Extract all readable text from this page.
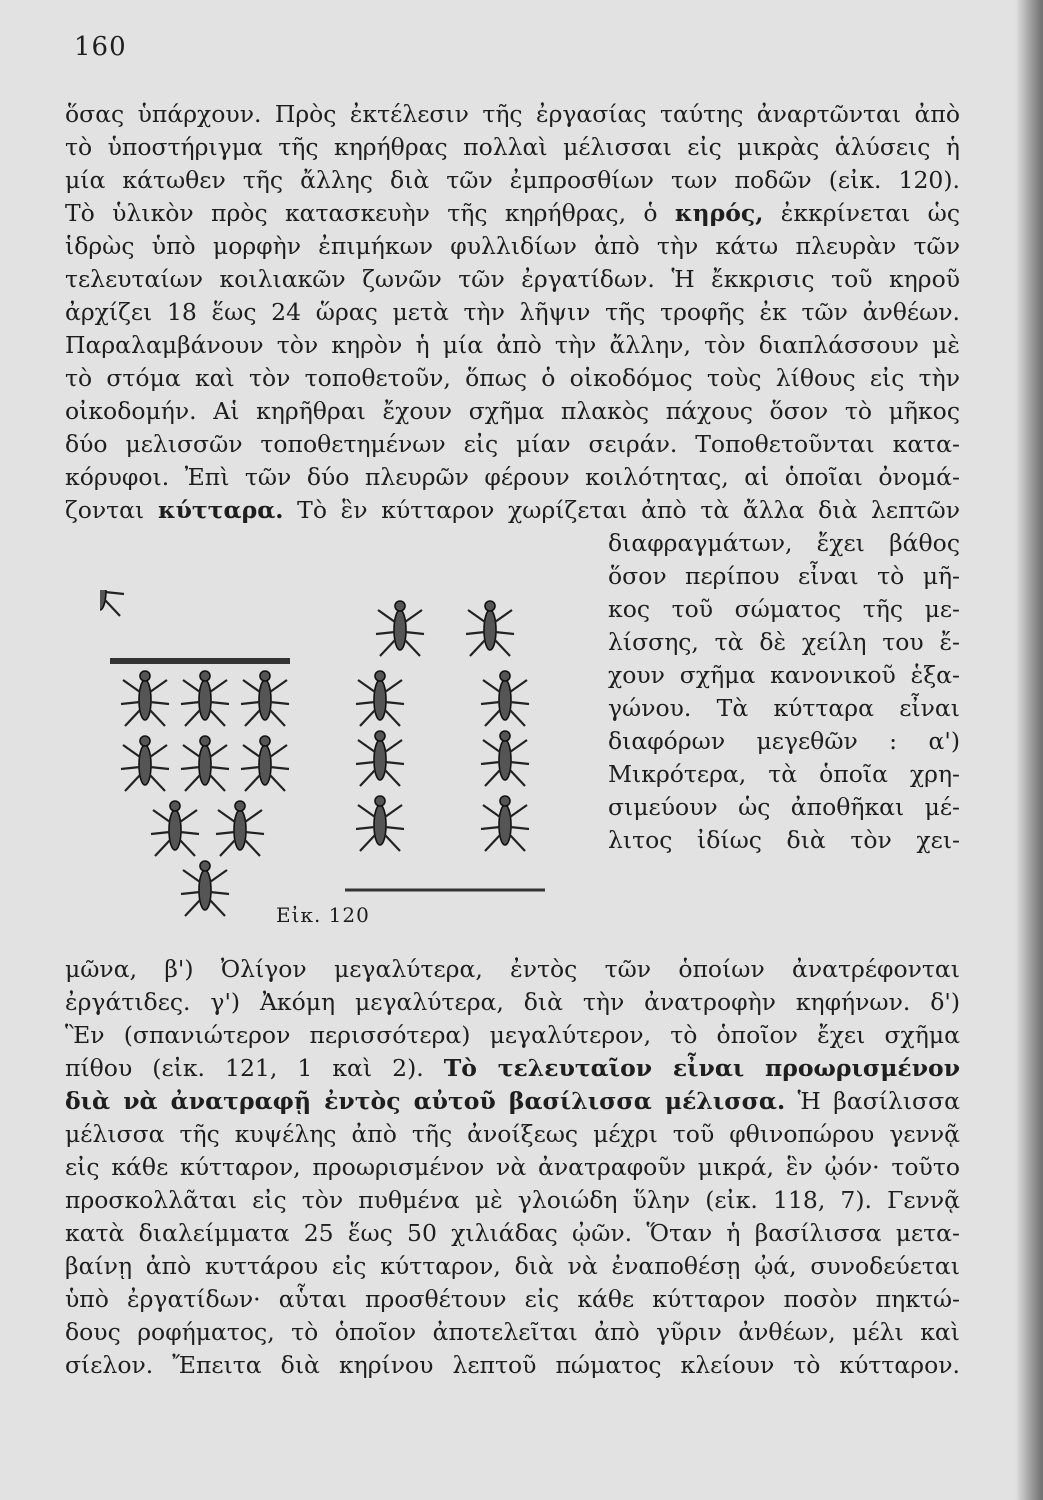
160
ὅσας ὑπάρχουν. Πρὸς ἐκτέλεσιν τῆς ἐργασίας ταύτης ἀναρτῶνται ἀπὸ
τὸ ὑποστήριγμα τῆς κηρήθρας πολλαὶ μέλισσαι εἰς μικρὰς ἁλύσεις ἡ
μία κάτωθεν τῆς ἄλλης διὰ τῶν ἐμπροσθίων των ποδῶν (εἰκ. 120).
Τὸ ὑλικὸν πρὸς κατασκευὴν τῆς κηρήθρας, ὁ κηρός, ἐκκρίνεται ὡς
ἱδρὼς ὑπὸ μορφὴν ἐπιμήκων φυλλιδίων ἀπὸ τὴν κάτω πλευρὰν τῶν
τελευταίων κοιλιακῶν ζωνῶν τῶν ἐργατίδων. Ἡ ἔκκρισις τοῦ κηροῦ
ἀρχίζει 18 ἕως 24 ὥρας μετὰ τὴν λῆψιν τῆς τροφῆς ἐκ τῶν ἀνθέων.
Παραλαμβάνουν τὸν κηρὸν ἡ μία ἀπὸ τὴν ἄλλην, τὸν διαπλάσσουν μὲ
τὸ στόμα καὶ τὸν τοποθετοῦν, ὅπως ὁ οἰκοδόμος τοὺς λίθους εἰς τὴν
οἰκοδομήν. Αἱ κηρῆθραι ἔχουν σχῆμα πλακὸς πάχους ὅσον τὸ μῆκος
δύο μελισσῶν τοποθετημένων εἰς μίαν σειράν. Τοποθετοῦνται κατα-
κόρυφοι. Ἐπὶ τῶν δύο πλευρῶν φέρουν κοιλότητας, αἱ ὁποῖαι ὀνομά-
ζονται κύτταρα. Τὸ ἓν κύτταρον χωρίζεται ἀπὸ τὰ ἄλλα διὰ λεπτῶν
διαφραγμάτων, ἔχει βάθος
ὅσον περίπου εἶναι τὸ μῆ-
κος τοῦ σώματος τῆς με-
λίσσης, τὰ δὲ χείλη του ἔ-
χουν σχῆμα κανονικοῦ ἑξα-
γώνου. Τὰ κύτταρα εἶναι
διαφόρων μεγεθῶν : α')
Μικρότερα, τὰ ὁποῖα χρη-
σιμεύουν ὡς ἀποθῆκαι μέ-
λιτος ἰδίως διὰ τὸν χει-
Εἰκ. 120
μῶνα, β') Ὀλίγον μεγαλύτερα, ἐντὸς τῶν ὁποίων ἀνατρέφονται
ἐργάτιδες. γ') Ἀκόμη μεγαλύτερα, διὰ τὴν ἀνατροφὴν κηφήνων. δ')
Ἓν (σπανιώτερον περισσότερα) μεγαλύτερον, τὸ ὁποῖον ἔχει σχῆμα
πίθου (εἰκ. 121, 1 καὶ 2). Τὸ τελευταῖον εἶναι προωρισμένον
διὰ νὰ ἀνατραφῇ ἐντὸς αὐτοῦ βασίλισσα μέλισσα. Ἡ βασίλισσα
μέλισσα τῆς κυψέλης ἀπὸ τῆς ἀνοίξεως μέχρι τοῦ φθινοπώρου γεννᾷ
εἰς κάθε κύτταρον, προωρισμένον νὰ ἀνατραφοῦν μικρά, ἓν ᾠόν· τοῦτο
προσκολλᾶται εἰς τὸν πυθμένα μὲ γλοιώδη ὕλην (εἰκ. 118, 7). Γεννᾷ
κατὰ διαλείμματα 25 ἕως 50 χιλιάδας ᾠῶν. Ὅταν ἡ βασίλισσα μετα-
βαίνῃ ἀπὸ κυττάρου εἰς κύτταρον, διὰ νὰ ἐναποθέσῃ ᾠά, συνοδεύεται
ὑπὸ ἐργατίδων· αὗται προσθέτουν εἰς κάθε κύτταρον ποσὸν πηκτώ-
δους ροφήματος, τὸ ὁποῖον ἀποτελεῖται ἀπὸ γῦριν ἀνθέων, μέλι καὶ
σίελον. Ἔπειτα διὰ κηρίνου λεπτοῦ πώματος κλείουν τὸ κύτταρον.
